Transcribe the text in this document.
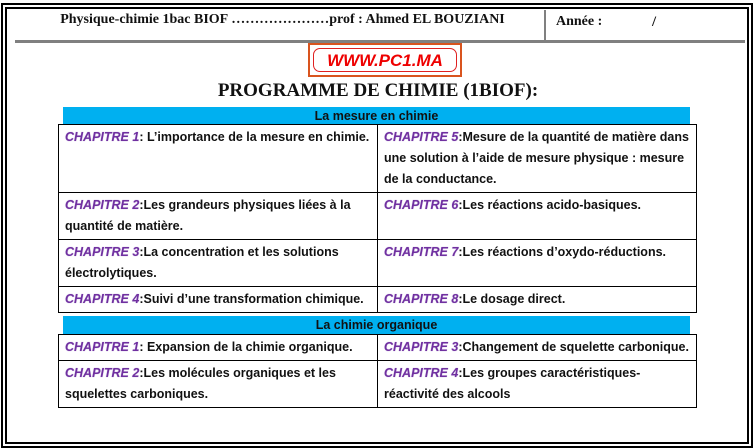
Physique-chimie 1bac BIOF …………………prof : Ahmed EL BOUZIANI	Année :	/
WWW.PC1.MA
PROGRAMME DE CHIMIE (1BIOF):
La mesure en chimie
CHAPITRE 1: L’importance de la mesure en chimie.	CHAPITRE 5:Mesure de la quantité de matière dans une solution à l’aide de mesure physique : mesure de la conductance.
CHAPITRE 2:Les grandeurs physiques liées à la quantité de matière.	CHAPITRE 6:Les réactions acido-basiques.
CHAPITRE 3:La concentration et les solutions électrolytiques.	CHAPITRE 7:Les réactions d’oxydo-réductions.
CHAPITRE 4:Suivi d’une transformation chimique.	CHAPITRE 8:Le dosage direct.
La chimie organique
CHAPITRE 1: Expansion de la chimie organique.	CHAPITRE 3:Changement de squelette carbonique.
CHAPITRE 2:Les molécules organiques et les squelettes carboniques.	CHAPITRE 4:Les groupes caractéristiques-réactivité des alcools
